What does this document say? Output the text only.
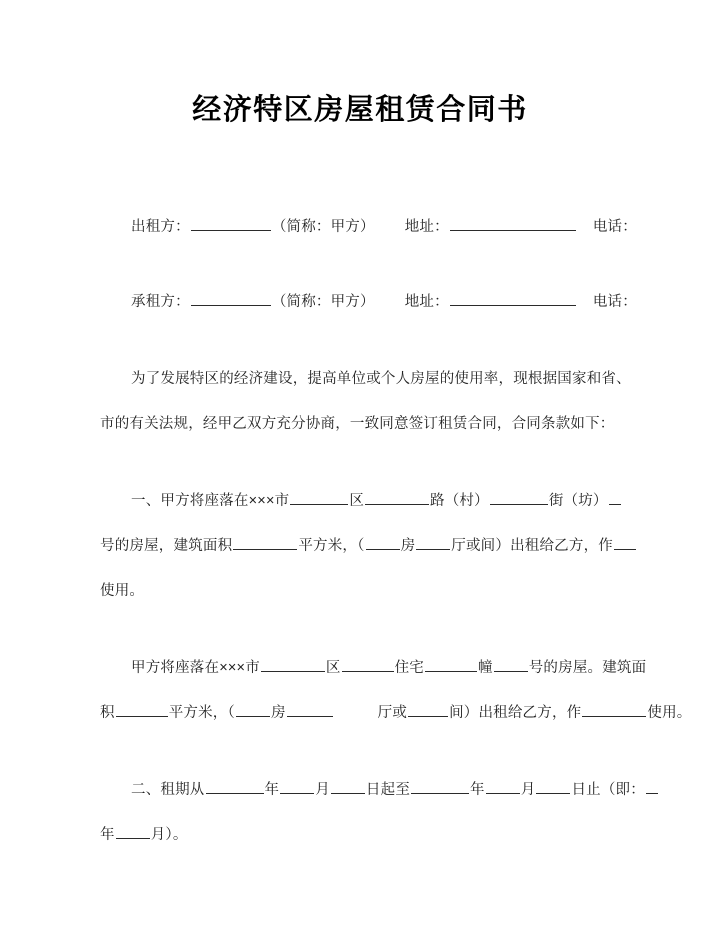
经济特区房屋租赁合同书
出租方：	（简称：甲方） 地址：	电话：
承租方：	（简称：甲方） 地址：	电话：
为了发展特区的经济建设，提高单位或个人房屋的使用率，现根据国家和省、
市的有关法规，经甲乙双方充分协商，一致同意签订租赁合同，合同条款如下：
一、甲方将座落在×××市	区	路（村）	街（坊）
号的房屋，建筑面积	平方米，（ 房 厅或间）出租给乙方，作
使用。
甲方将座落在×××市	区	住宅	幢 号的房屋。建筑面
积	平方米，（ 房	厅或	间）出租给乙方，作	使用。
二、租期从	年 月 日起至	年 月 日止（即：
年 月）。
